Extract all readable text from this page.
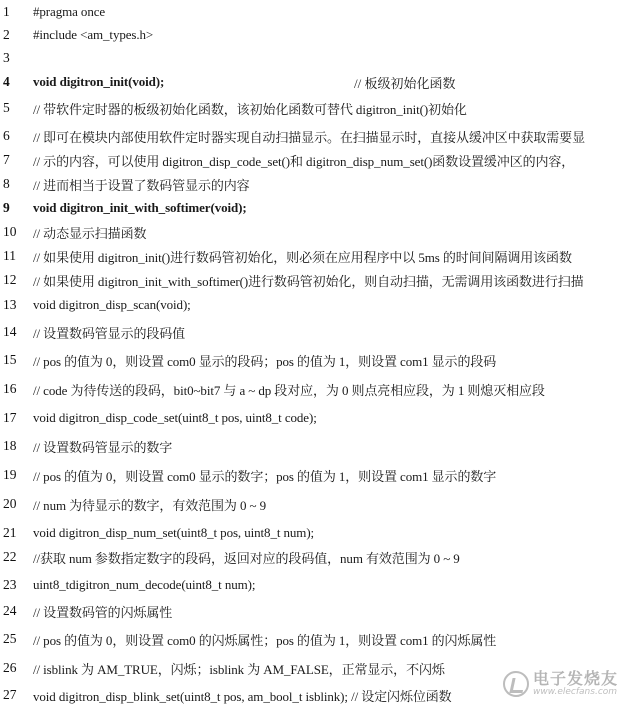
1	#pragma once
2	#include <am_types.h>
3
4	void digitron_init(void);	// 板级初始化函数
5	// 带软件定时器的板级初始化函数，该初始化函数可替代 digitron_init()初始化
6	// 即可在模块内部使用软件定时器实现自动扫描显示。在扫描显示时，直接从缓冲区中获取需要显
7	// 示的内容，可以使用 digitron_disp_code_set()和 digitron_disp_num_set()函数设置缓冲区的内容，
8	// 进而相当于设置了数码管显示的内容
9	void digitron_init_with_softimer(void);
10	// 动态显示扫描函数
11	// 如果使用 digitron_init()进行数码管初始化，则必须在应用程序中以 5ms 的时间间隔调用该函数
12	// 如果使用 digitron_init_with_softimer()进行数码管初始化，则自动扫描，无需调用该函数进行扫描
13	void digitron_disp_scan(void);
14	// 设置数码管显示的段码值
15	// pos 的值为 0，则设置 com0 显示的段码；pos 的值为 1，则设置 com1 显示的段码
16	// code 为待传送的段码，bit0~bit7 与 a ~ dp 段对应，为 0 则点亮相应段，为 1 则熄灭相应段
17	void digitron_disp_code_set(uint8_t pos, uint8_t code);
18	// 设置数码管显示的数字
19	// pos 的值为 0，则设置 com0 显示的数字；pos 的值为 1，则设置 com1 显示的数字
20	// num 为待显示的数字，有效范围为 0 ~ 9
21	void digitron_disp_num_set(uint8_t pos, uint8_t num);
22	//获取 num 参数指定数字的段码，返回对应的段码值，num 有效范围为 0 ~ 9
23	uint8_tdigitron_num_decode(uint8_t num);
24	// 设置数码管的闪烁属性
25	// pos 的值为 0，则设置 com0 的闪烁属性；pos 的值为 1，则设置 com1 的闪烁属性
26	// isblink 为 AM_TRUE，闪烁；isblink 为 AM_FALSE，正常显示，不闪烁
27	void digitron_disp_blink_set(uint8_t pos, am_bool_t isblink); // 设定闪烁位函数
电子发烧友
www.elecfans.com
